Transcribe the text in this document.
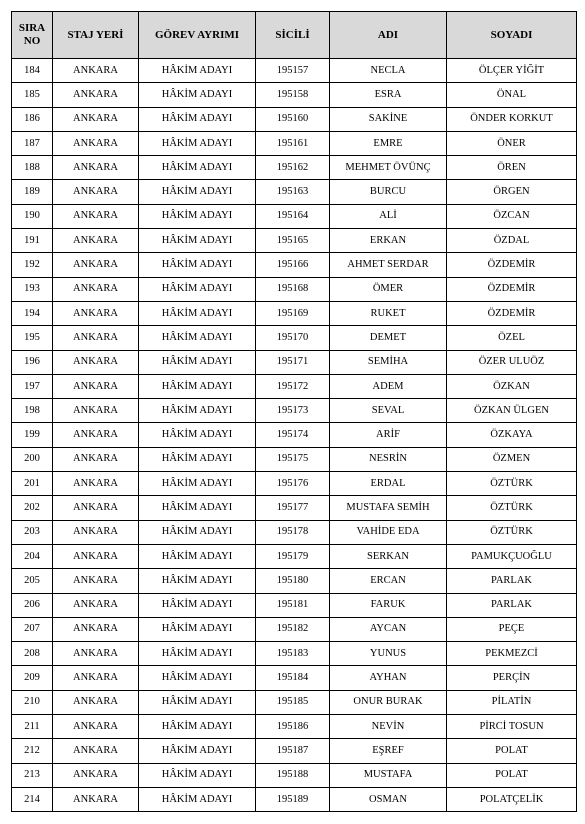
SIRA NO	STAJ YERİ	GÖREV AYRIMI	SİCİLİ	ADI	SOYADI
184	ANKARA	HÂKİM ADAYI	195157	NECLA	ÖLÇER YİĞİT
185	ANKARA	HÂKİM ADAYI	195158	ESRA	ÖNAL
186	ANKARA	HÂKİM ADAYI	195160	SAKİNE	ÖNDER KORKUT
187	ANKARA	HÂKİM ADAYI	195161	EMRE	ÖNER
188	ANKARA	HÂKİM ADAYI	195162	MEHMET ÖVÜNÇ	ÖREN
189	ANKARA	HÂKİM ADAYI	195163	BURCU	ÖRGEN
190	ANKARA	HÂKİM ADAYI	195164	ALİ	ÖZCAN
191	ANKARA	HÂKİM ADAYI	195165	ERKAN	ÖZDAL
192	ANKARA	HÂKİM ADAYI	195166	AHMET SERDAR	ÖZDEMİR
193	ANKARA	HÂKİM ADAYI	195168	ÖMER	ÖZDEMİR
194	ANKARA	HÂKİM ADAYI	195169	RUKET	ÖZDEMİR
195	ANKARA	HÂKİM ADAYI	195170	DEMET	ÖZEL
196	ANKARA	HÂKİM ADAYI	195171	SEMİHA	ÖZER ULUÖZ
197	ANKARA	HÂKİM ADAYI	195172	ADEM	ÖZKAN
198	ANKARA	HÂKİM ADAYI	195173	SEVAL	ÖZKAN ÜLGEN
199	ANKARA	HÂKİM ADAYI	195174	ARİF	ÖZKAYA
200	ANKARA	HÂKİM ADAYI	195175	NESRİN	ÖZMEN
201	ANKARA	HÂKİM ADAYI	195176	ERDAL	ÖZTÜRK
202	ANKARA	HÂKİM ADAYI	195177	MUSTAFA SEMİH	ÖZTÜRK
203	ANKARA	HÂKİM ADAYI	195178	VAHİDE EDA	ÖZTÜRK
204	ANKARA	HÂKİM ADAYI	195179	SERKAN	PAMUKÇUOĞLU
205	ANKARA	HÂKİM ADAYI	195180	ERCAN	PARLAK
206	ANKARA	HÂKİM ADAYI	195181	FARUK	PARLAK
207	ANKARA	HÂKİM ADAYI	195182	AYCAN	PEÇE
208	ANKARA	HÂKİM ADAYI	195183	YUNUS	PEKMEZCİ
209	ANKARA	HÂKİM ADAYI	195184	AYHAN	PERÇİN
210	ANKARA	HÂKİM ADAYI	195185	ONUR BURAK	PİLATİN
211	ANKARA	HÂKİM ADAYI	195186	NEVİN	PİRCİ TOSUN
212	ANKARA	HÂKİM ADAYI	195187	EŞREF	POLAT
213	ANKARA	HÂKİM ADAYI	195188	MUSTAFA	POLAT
214	ANKARA	HÂKİM ADAYI	195189	OSMAN	POLATÇELİK
